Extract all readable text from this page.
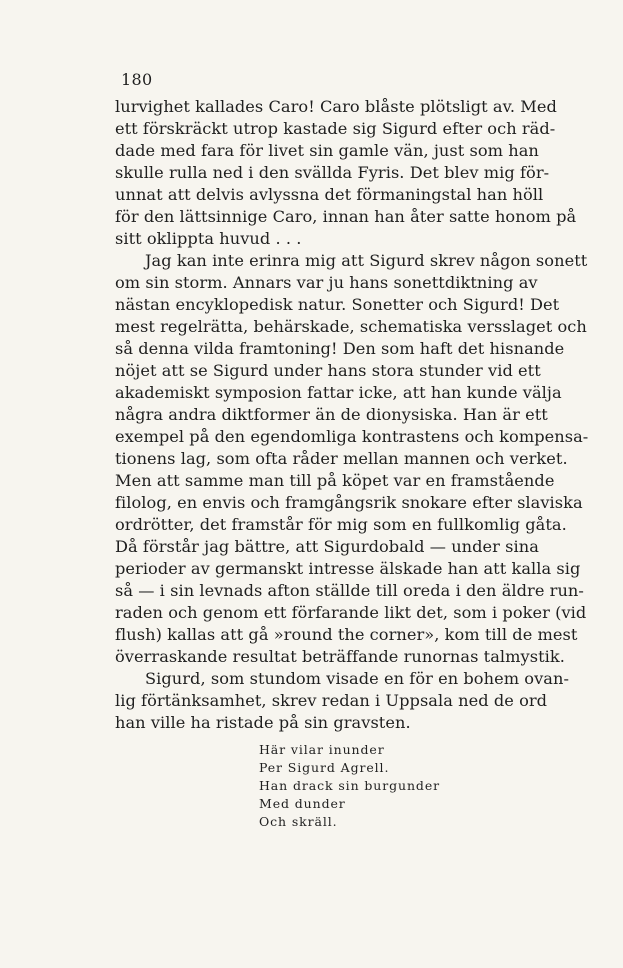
180
lurvighet kallades Caro! Caro blåste plötsligt av. Med
ett förskräckt utrop kastade sig Sigurd efter och räd-
dade med fara för livet sin gamle vän, just som han
skulle rulla ned i den svällda Fyris. Det blev mig för-
unnat att delvis avlyssna det förmaningstal han höll
för den lättsinnige Caro, innan han åter satte honom på
sitt oklippta huvud . . .
Jag kan inte erinra mig att Sigurd skrev någon sonett
om sin storm. Annars var ju hans sonettdiktning av
nästan encyklopedisk natur. Sonetter och Sigurd! Det
mest regelrätta, behärskade, schematiska versslaget och
så denna vilda framtoning! Den som haft det hisnande
nöjet att se Sigurd under hans stora stunder vid ett
akademiskt symposion fattar icke, att han kunde välja
några andra diktformer än de dionysiska. Han är ett
exempel på den egendomliga kontrastens och kompensa-
tionens lag, som ofta råder mellan mannen och verket.
Men att samme man till på köpet var en framstående
filolog, en envis och framgångsrik snokare efter slaviska
ordrötter, det framstår för mig som en fullkomlig gåta.
Då förstår jag bättre, att Sigurdobald — under sina
perioder av germanskt intresse älskade han att kalla sig
så — i sin levnads afton ställde till oreda i den äldre run-
raden och genom ett förfarande likt det, som i poker (vid
flush) kallas att gå »round the corner», kom till de mest
överraskande resultat beträffande runornas talmystik.
Sigurd, som stundom visade en för en bohem ovan-
lig förtänksamhet, skrev redan i Uppsala ned de ord
han ville ha ristade på sin gravsten.
Här vilar inunder
Per Sigurd Agrell.
Han drack sin burgunder
Med dunder
Och skräll.
